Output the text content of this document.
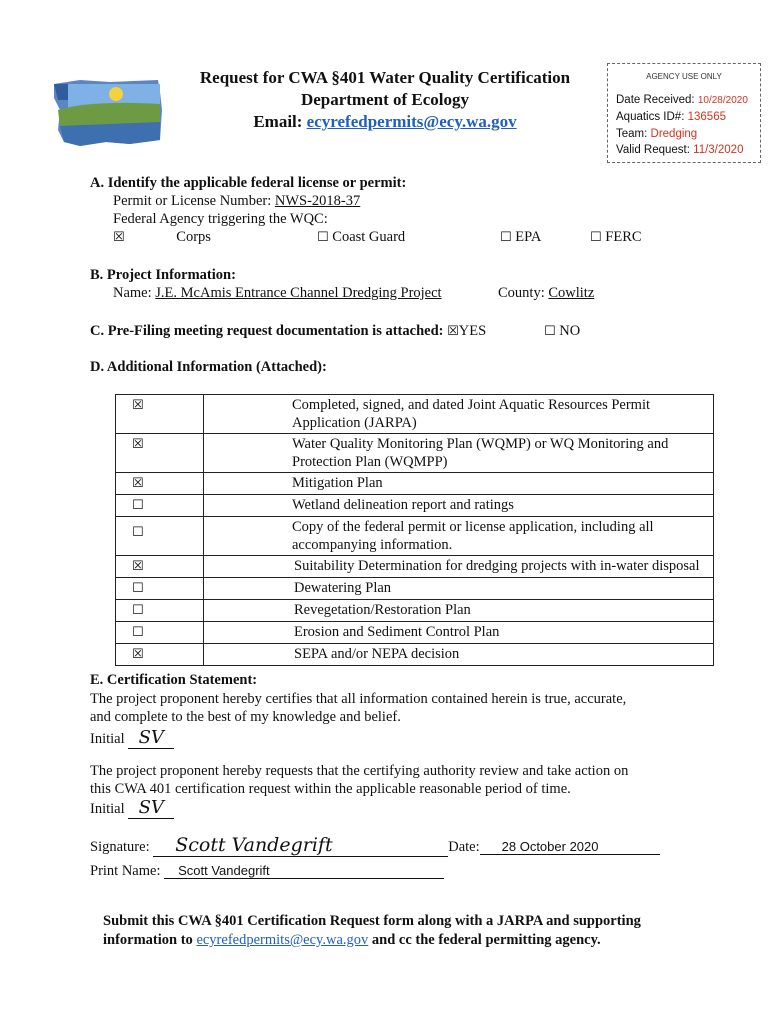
Request for CWA §401 Water Quality Certification
Department of Ecology
Email: ecyrefedpermits@ecy.wa.gov
AGENCY USE ONLY
Date Received: 10/28/2020
Aquatics ID#: 136565
Team: Dredging
Valid Request: 11/3/2020
A. Identify the applicable federal license or permit:
Permit or License Number: NWS-2018-37
Federal Agency triggering the WQC:
☒	Corps	☐ Coast Guard	☐ EPA	☐ FERC
B. Project Information:
Name: J.E. McAmis Entrance Channel Dredging Project	County: Cowlitz
C. Pre-Filing meeting request documentation is attached: ☒YES	☐ NO
D. Additional Information (Attached):
☒	Completed, signed, and dated Joint Aquatic Resources Permit
Application (JARPA)

☒	Water Quality Monitoring Plan (WQMP) or WQ Monitoring and
Protection Plan (WQMPP)

☒	Mitigation Plan

☐	Wetland delineation report and ratings

☐	Copy of the federal permit or license application, including all
accompanying information.

☒	Suitability Determination for dredging projects with in-water disposal

☐	Dewatering Plan

☐	Revegetation/Restoration Plan

☐	Erosion and Sediment Control Plan

☒	SEPA and/or NEPA decision
E. Certification Statement:
The project proponent hereby certifies that all information contained herein is true, accurate,
and complete to the best of my knowledge and belief.
Initial SV
The project proponent hereby requests that the certifying authority review and take action on
this CWA 401 certification request within the applicable reasonable period of time.
Initial SV
Signature: Scott Vandegrift	Date: 28 October 2020
Print Name: Scott Vandegrift
Submit this CWA §401 Certification Request form along with a JARPA and supporting
information to ecyrefedpermits@ecy.wa.gov and cc the federal permitting agency.
